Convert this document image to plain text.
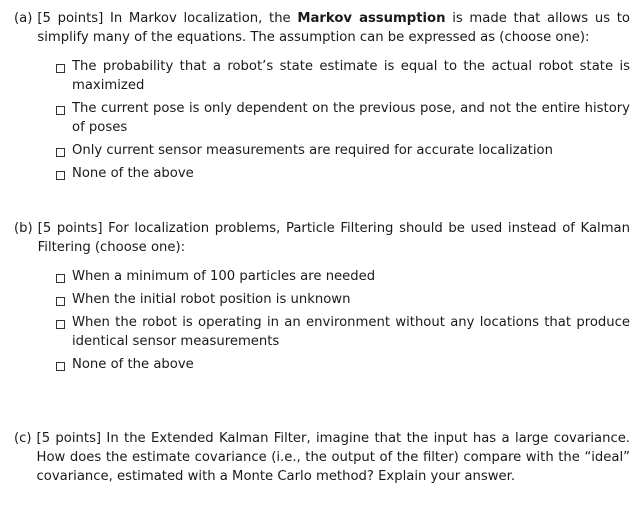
(a) [5 points] In Markov localization, the Markov assumption is made that allows us to simplify many of the equations. The assumption can be expressed as (choose one):
The probability that a robot’s state estimate is equal to the actual robot state is maximized
The current pose is only dependent on the previous pose, and not the entire history of poses
Only current sensor measurements are required for accurate localization
None of the above
(b) [5 points] For localization problems, Particle Filtering should be used instead of Kalman Filtering (choose one):
When a minimum of 100 particles are needed
When the initial robot position is unknown
When the robot is operating in an environment without any locations that produce identical sensor measurements
None of the above
(c) [5 points] In the Extended Kalman Filter, imagine that the input has a large covariance. How does the estimate covariance (i.e., the output of the filter) compare with the “ideal” covariance, estimated with a Monte Carlo method? Explain your answer.
